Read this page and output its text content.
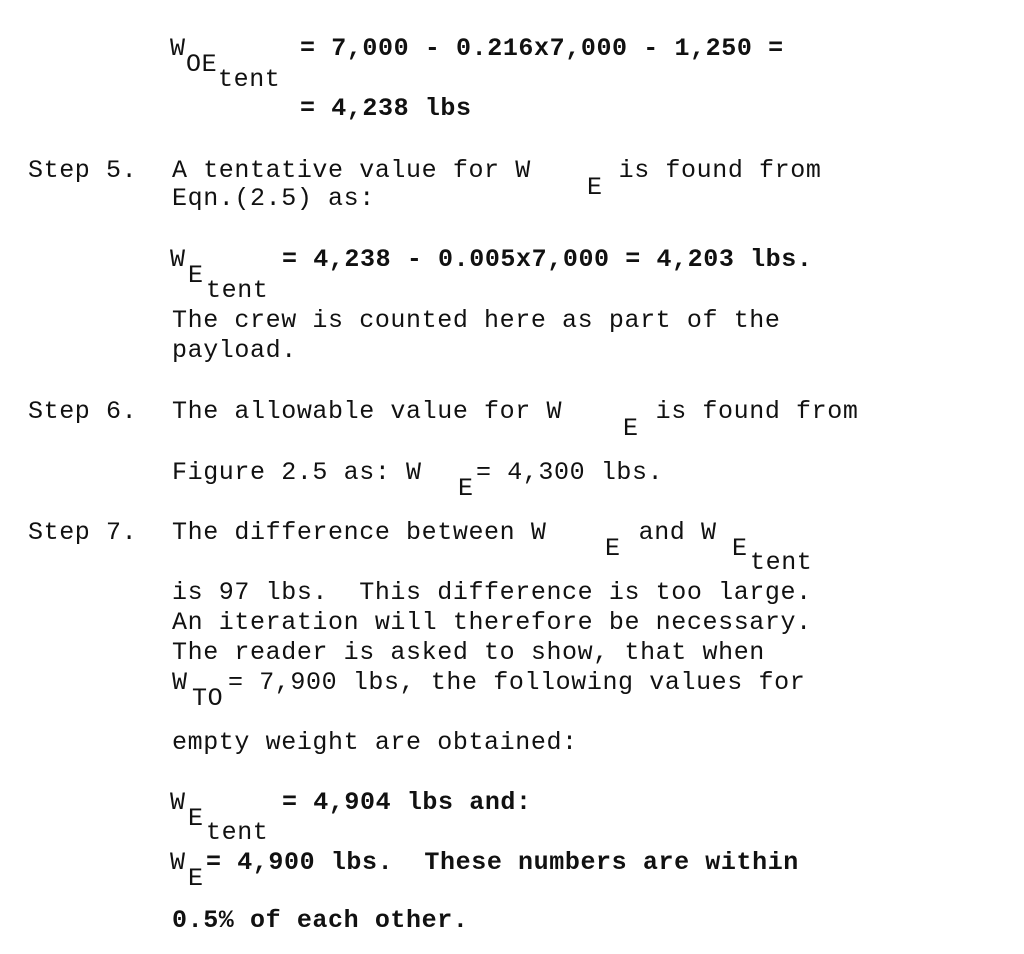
W
OE
tent
= 7,000 - 0.216x7,000 - 1,250 =
= 4,238 lbs
Step 5. A tentative value for W
E
is found from
Eqn.(2.5) as:
W
E
tent
= 4,238 - 0.005x7,000 = 4,203 lbs.
The crew is counted here as part of the
payload.
Step 6. The allowable value for W
E
is found from
Figure 2.5 as: W
E
= 4,300 lbs.
Step 7. The difference between W
E
and W
E tent
is 97 lbs.  This difference is too large.
An iteration will therefore be necessary.
The reader is asked to show, that when
W
TO
= 7,900 lbs, the following values for
empty weight are obtained:
W
E tent
= 4,904 lbs and:
W
E
= 4,900 lbs.  These numbers are within
0.5% of each other.
